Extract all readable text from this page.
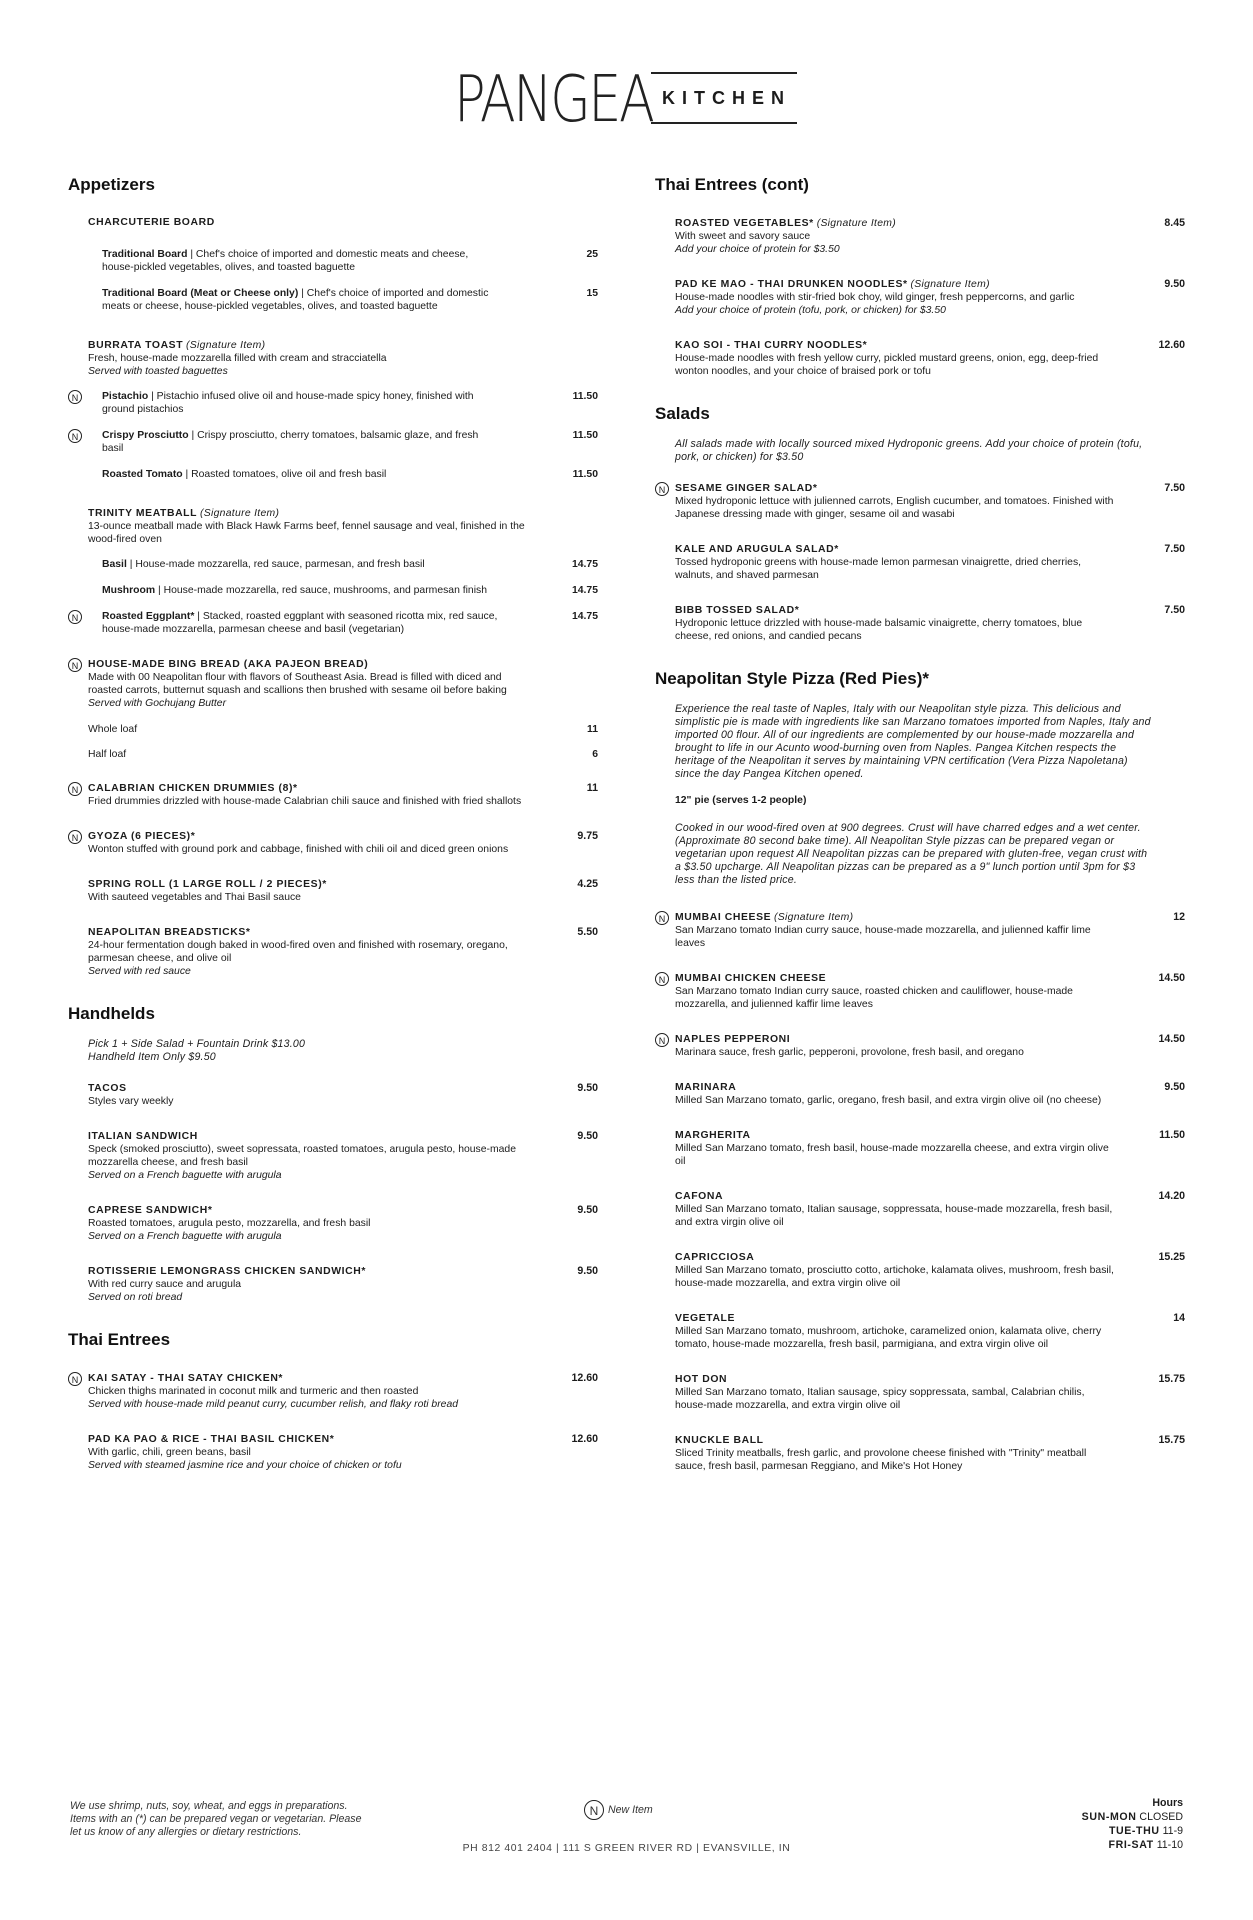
PANGEA KITCHEN
Appetizers
CHARCUTERIE BOARD
Traditional Board | Chef's choice of imported and domestic meats and cheese, house-pickled vegetables, olives, and toasted baguette
25
Traditional Board (Meat or Cheese only) | Chef's choice of imported and domestic meats or cheese, house-pickled vegetables, olives, and toasted baguette
15
BURRATA TOAST (Signature Item)
Fresh, house-made mozzarella filled with cream and stracciatella
Served with toasted baguettes
N	Pistachio | Pistachio infused olive oil and house-made spicy honey, finished with ground pistachios
11.50
N	Crispy Prosciutto | Crispy prosciutto, cherry tomatoes, balsamic glaze, and fresh basil
11.50
Roasted Tomato | Roasted tomatoes, olive oil and fresh basil	11.50
TRINITY MEATBALL (Signature Item)
13-ounce meatball made with Black Hawk Farms beef, fennel sausage and veal, finished in the wood-fired oven
Basil | House-made mozzarella, red sauce, parmesan, and fresh basil	14.75
Mushroom | House-made mozzarella, red sauce, mushrooms, and parmesan finish	14.75
N	Roasted Eggplant* | Stacked, roasted eggplant with seasoned ricotta mix, red sauce, house-made mozzarella, parmesan cheese and basil (vegetarian)
14.75
N HOUSE-MADE BING BREAD (AKA PAJEON BREAD)
Made with 00 Neapolitan flour with flavors of Southeast Asia. Bread is filled with diced and roasted carrots, butternut squash and scallions then brushed with sesame oil before baking
Served with Gochujang Butter
Whole loaf	11
Half loaf	6
N CALABRIAN CHICKEN DRUMMIES (8)*
Fried drummies drizzled with house-made Calabrian chili sauce and finished with fried shallots
11
N GYOZA (6 PIECES)*
Wonton stuffed with ground pork and cabbage, finished with chili oil and diced green onions
9.75
SPRING ROLL (1 LARGE ROLL / 2 PIECES)*
With sauteed vegetables and Thai Basil sauce
4.25
NEAPOLITAN BREADSTICKS*
24-hour fermentation dough baked in wood-fired oven and finished with rosemary, oregano, parmesan cheese, and olive oil
Served with red sauce
5.50
Handhelds
Pick 1 + Side Salad + Fountain Drink $13.00
Handheld Item Only $9.50
TACOS
Styles vary weekly
9.50
ITALIAN SANDWICH
Speck (smoked prosciutto), sweet sopressata, roasted tomatoes, arugula pesto, house-made mozzarella cheese, and fresh basil
Served on a French baguette with arugula
9.50
CAPRESE SANDWICH*
Roasted tomatoes, arugula pesto, mozzarella, and fresh basil
Served on a French baguette with arugula
9.50
ROTISSERIE LEMONGRASS CHICKEN SANDWICH*
With red curry sauce and arugula
Served on roti bread
9.50
Thai Entrees
N KAI SATAY - THAI SATAY CHICKEN*
Chicken thighs marinated in coconut milk and turmeric and then roasted
Served with house-made mild peanut curry, cucumber relish, and flaky roti bread
12.60
PAD KA PAO & RICE - THAI BASIL CHICKEN*
With garlic, chili, green beans, basil
Served with steamed jasmine rice and your choice of chicken or tofu
12.60
Thai Entrees (cont)
ROASTED VEGETABLES* (Signature Item)
With sweet and savory sauce
Add your choice of protein for $3.50
8.45
PAD KE MAO - THAI DRUNKEN NOODLES* (Signature Item)
House-made noodles with stir-fried bok choy, wild ginger, fresh peppercorns, and garlic
Add your choice of protein (tofu, pork, or chicken) for $3.50
9.50
KAO SOI - THAI CURRY NOODLES*
House-made noodles with fresh yellow curry, pickled mustard greens, onion, egg, deep-fried wonton noodles, and your choice of braised pork or tofu
12.60
Salads
All salads made with locally sourced mixed Hydroponic greens. Add your choice of protein (tofu, pork, or chicken) for $3.50
N SESAME GINGER SALAD*
Mixed hydroponic lettuce with julienned carrots, English cucumber, and tomatoes. Finished with Japanese dressing made with ginger, sesame oil and wasabi
7.50
KALE AND ARUGULA SALAD*
Tossed hydroponic greens with house-made lemon parmesan vinaigrette, dried cherries, walnuts, and shaved parmesan
7.50
BIBB TOSSED SALAD*
Hydroponic lettuce drizzled with house-made balsamic vinaigrette, cherry tomatoes, blue cheese, red onions, and candied pecans
7.50
Neapolitan Style Pizza (Red Pies)*
Experience the real taste of Naples, Italy with our Neapolitan style pizza. This delicious and simplistic pie is made with ingredients like san Marzano tomatoes imported from Naples, Italy and imported 00 flour. All of our ingredients are complemented by our house-made mozzarella and brought to life in our Acunto wood-burning oven from Naples. Pangea Kitchen respects the heritage of the Neapolitan it serves by maintaining VPN certification (Vera Pizza Napoletana) since the day Pangea Kitchen opened.
12" pie (serves 1-2 people)
Cooked in our wood-fired oven at 900 degrees. Crust will have charred edges and a wet center. (Approximate 80 second bake time). All Neapolitan Style pizzas can be prepared vegan or vegetarian upon request All Neapolitan pizzas can be prepared with gluten-free, vegan crust with a $3.50 upcharge. All Neapolitan pizzas can be prepared as a 9" lunch portion until 3pm for $3 less than the listed price.
N MUMBAI CHEESE (Signature Item)
San Marzano tomato Indian curry sauce, house-made mozzarella, and julienned kaffir lime leaves
12
N MUMBAI CHICKEN CHEESE
San Marzano tomato Indian curry sauce, roasted chicken and cauliflower, house-made mozzarella, and julienned kaffir lime leaves
14.50
N NAPLES PEPPERONI
Marinara sauce, fresh garlic, pepperoni, provolone, fresh basil, and oregano
14.50
MARINARA
Milled San Marzano tomato, garlic, oregano, fresh basil, and extra virgin olive oil (no cheese)
9.50
MARGHERITA
Milled San Marzano tomato, fresh basil, house-made mozzarella cheese, and extra virgin olive oil
11.50
CAFONA
Milled San Marzano tomato, Italian sausage, soppressata, house-made mozzarella, fresh basil, and extra virgin olive oil
14.20
CAPRICCIOSA
Milled San Marzano tomato, prosciutto cotto, artichoke, kalamata olives, mushroom, fresh basil, house-made mozzarella, and extra virgin olive oil
15.25
VEGETALE
Milled San Marzano tomato, mushroom, artichoke, caramelized onion, kalamata olive, cherry tomato, house-made mozzarella, fresh basil, parmigiana, and extra virgin olive oil
14
HOT DON
Milled San Marzano tomato, Italian sausage, spicy soppressata, sambal, Calabrian chilis, house-made mozzarella, and extra virgin olive oil
15.75
KNUCKLE BALL
Sliced Trinity meatballs, fresh garlic, and provolone cheese finished with "Trinity" meatball sauce, fresh basil, parmesan Reggiano, and Mike's Hot Honey
15.75
We use shrimp, nuts, soy, wheat, and eggs in preparations. Items with an (*) can be prepared vegan or vegetarian. Please let us know of any allergies or dietary restrictions.
N New Item
PH 812 401 2404 | 111 S GREEN RIVER RD | EVANSVILLE, IN
Hours
SUN-MON CLOSED
TUE-THU 11-9
FRI-SAT 11-10
